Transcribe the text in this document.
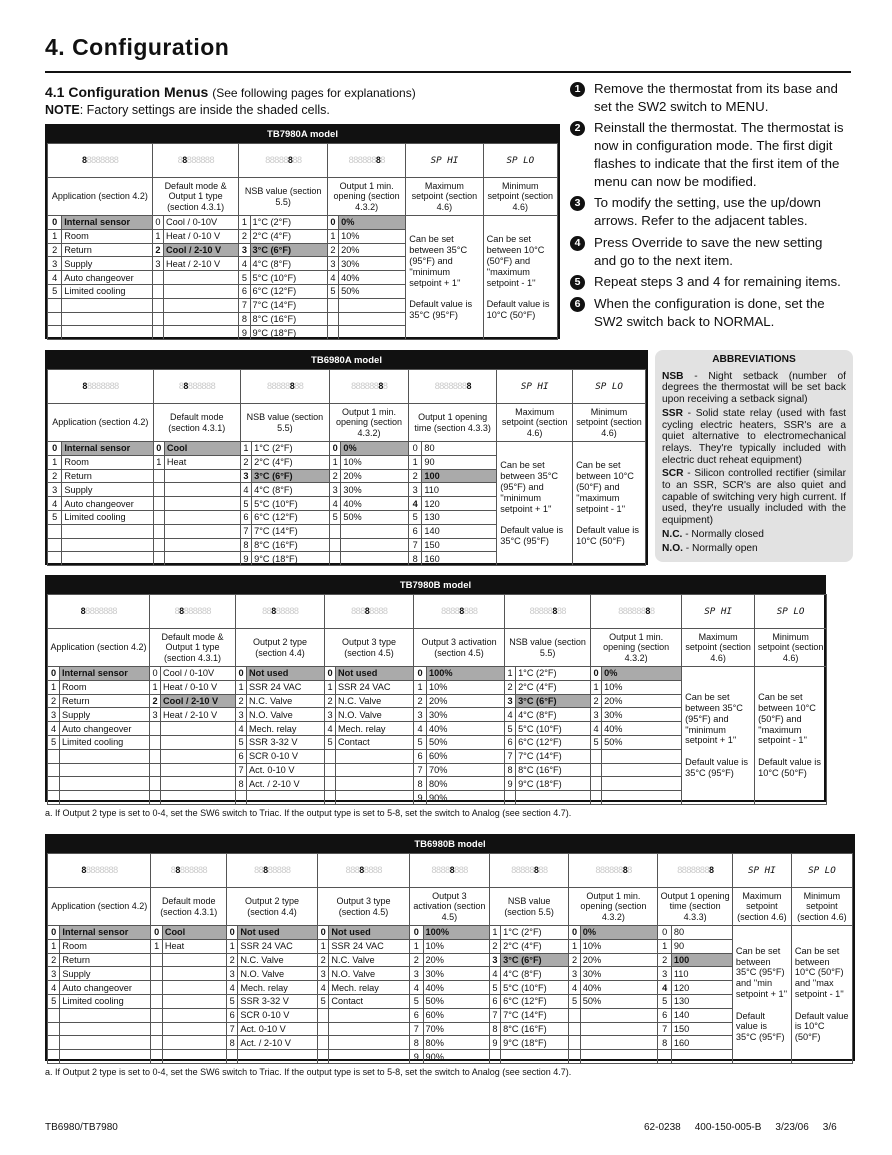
4. Configuration
4.1 Configuration Menus (See following pages for explanations)
NOTE: Factory settings are inside the shaded cells.
1	Remove the thermostat from its base and set the SW2 switch to MENU.
2	Reinstall the thermostat. The thermostat is now in configuration mode. The first digit flashes to indicate that the first item of the menu can now be modified.
3	To modify the setting, use the up/down arrows. Refer to the adjacent tables.
4	Press Override to save the new setting and go to the next item.
5	Repeat steps 3 and 4 for remaining items.
6	When the configuration is done, set the SW2 switch back to NORMAL.
ABBREVIATIONS

NSB - Night setback (number of degrees the thermostat will be set back upon receiving a setback signal)

SSR - Solid state relay (used with fast cycling electric heaters, SSR's are a quiet alternative to electromechanical relays. They're typically included with electric duct reheat equipment)

SCR - Silicon controlled rectifier (similar to an SSR, SCR's are also quiet and capable of switching very high current. If used, they're usually included with the equipment)

N.C. - Normally closed

N.O. - Normally open

TB7980A model
88888888		88888888		88888888		88888888		SP HI	SP LO
Application (section 4.2)		Default mode & Output 1 type (section 4.3.1)		NSB value (section 5.5)		Output 1 min. opening (section 4.3.2)		Maximum setpoint (section 4.6)	Minimum setpoint (section 4.6)
0	Internal sensor	0	Cool / 0-10V	1	1°C (2°F)	0	0%	Can be set between 35°C (95°F) and ''minimum setpoint + 1''

Default value is 35°C (95°F)	Can be set between 10°C (50°F) and ''maximum setpoint - 1''

Default value is 10°C (50°F)
1	Room	1	Heat / 0-10 V	2	2°C (4°F)	1	10%		
2	Return	2	Cool / 2-10 V	3	3°C (6°F)	2	20%		
3	Supply	3	Heat / 2-10 V	4	4°C (8°F)	3	30%		
4	Auto changeover			5	5°C (10°F)	4	40%		
5	Limited cooling			6	6°C (12°F)	5	50%		
				7	7°C (14°F)				
				8	8°C (16°F)				
				9	9°C (18°F)				
TB6980A model
88888888		88888888		88888888		88888888		88888888		SP HI	SP LO
Application (section 4.2)		Default mode (section 4.3.1)		NSB value (section 5.5)		Output 1 min. opening (section 4.3.2)		Output 1 opening time (section 4.3.3)		Maximum setpoint (section 4.6)	Minimum setpoint (section 4.6)
0	Internal sensor	0	Cool	1	1°C (2°F)	0	0%	0	80	Can be set between 35°C (95°F) and ''minimum setpoint + 1''

Default value is 35°C (95°F)	Can be set between 10°C (50°F) and ''maximum setpoint - 1''

Default value is 10°C (50°F)
1	Room	1	Heat	2	2°C (4°F)	1	10%	1	90		
2	Return			3	3°C (6°F)	2	20%	2	100		
3	Supply			4	4°C (8°F)	3	30%	3	110		
4	Auto changeover			5	5°C (10°F)	4	40%	4	120		
5	Limited cooling			6	6°C (12°F)	5	50%	5	130		
				7	7°C (14°F)			6	140		
				8	8°C (16°F)			7	150		
				9	9°C (18°F)			8	160		
TB7980B model
88888888		88888888		88888888		88888888		88888888		88888888		88888888		SP HI	SP LO
Application (section 4.2)		Default mode & Output 1 type (section 4.3.1)		Output 2 type (section 4.4)		Output 3 type (section 4.5)		Output 3 activation (section 4.5)		NSB value (section 5.5)		Output 1 min. opening (section 4.3.2)		Maximum setpoint (section 4.6)	Minimum setpoint (section 4.6)
0	Internal sensor	0	Cool / 0-10V	0	Not used	0	Not used	0	100%	1	1°C (2°F)	0	0%	Can be set between 35°C (95°F) and ''minimum setpoint + 1''

Default value is 35°C (95°F)	Can be set between 10°C (50°F) and ''maximum setpoint - 1''

Default value is 10°C (50°F)
1	Room	1	Heat / 0-10 V	1	SSR 24 VAC	1	SSR 24 VAC	1	10%	2	2°C (4°F)	1	10%		
2	Return	2	Cool / 2-10 V	2	N.C. Valve	2	N.C. Valve	2	20%	3	3°C (6°F)	2	20%		
3	Supply	3	Heat / 2-10 V	3	N.O. Valve	3	N.O. Valve	3	30%	4	4°C (8°F)	3	30%		
4	Auto changeover			4	Mech. relay	4	Mech. relay	4	40%	5	5°C (10°F)	4	40%		
5	Limited cooling			5	SSR 3-32 V	5	Contact	5	50%	6	6°C (12°F)	5	50%		
				6	SCR 0-10 V			6	60%	7	7°C (14°F)				
				7	Act. 0-10 V			7	70%	8	8°C (16°F)				
				8	Act. / 2-10 V			8	80%	9	9°C (18°F)				
								9	90%						
a. If Output 2 type is set to 0-4, set the SW6 switch to Triac. If the output type is set to 5-8, set the switch to Analog (see section 4.7).
TB6980B model
88888888		88888888		88888888		88888888		88888888		88888888		88888888		88888888		SP HI	SP LO
Application (section 4.2)		Default mode (section 4.3.1)		Output 2 type (section 4.4)		Output 3 type (section 4.5)		Output 3 activation (section 4.5)		NSB value (section 5.5)		Output 1 min. opening (section 4.3.2)		Output 1 opening time (section 4.3.3)		Maximum setpoint (section 4.6)	Minimum setpoint (section 4.6)
0	Internal sensor	0	Cool	0	Not used	0	Not used	0	100%	1	1°C (2°F)	0	0%	0	80	Can be set between 35°C (95°F) and ''min setpoint + 1''

Default value is 35°C (95°F)	Can be set between 10°C (50°F) and ''max setpoint - 1''

Default value is 10°C (50°F)
1	Room	1	Heat	1	SSR 24 VAC	1	SSR 24 VAC	1	10%	2	2°C (4°F)	1	10%	1	90		
2	Return			2	N.C. Valve	2	N.C. Valve	2	20%	3	3°C (6°F)	2	20%	2	100		
3	Supply			3	N.O. Valve	3	N.O. Valve	3	30%	4	4°C (8°F)	3	30%	3	110		
4	Auto changeover			4	Mech. relay	4	Mech. relay	4	40%	5	5°C (10°F)	4	40%	4	120		
5	Limited cooling			5	SSR 3-32 V	5	Contact	5	50%	6	6°C (12°F)	5	50%	5	130		
				6	SCR 0-10 V			6	60%	7	7°C (14°F)			6	140		
				7	Act. 0-10 V			7	70%	8	8°C (16°F)			7	150		
				8	Act. / 2-10 V			8	80%	9	9°C (18°F)			8	160		
								9	90%								
a. If Output 2 type is set to 0-4, set the SW6 switch to Triac. If the output type is set to 5-8, set the switch to Analog (see section 4.7).
TB6980/TB7980	62-0238 400-150-005-B 3/23/06 3/6
